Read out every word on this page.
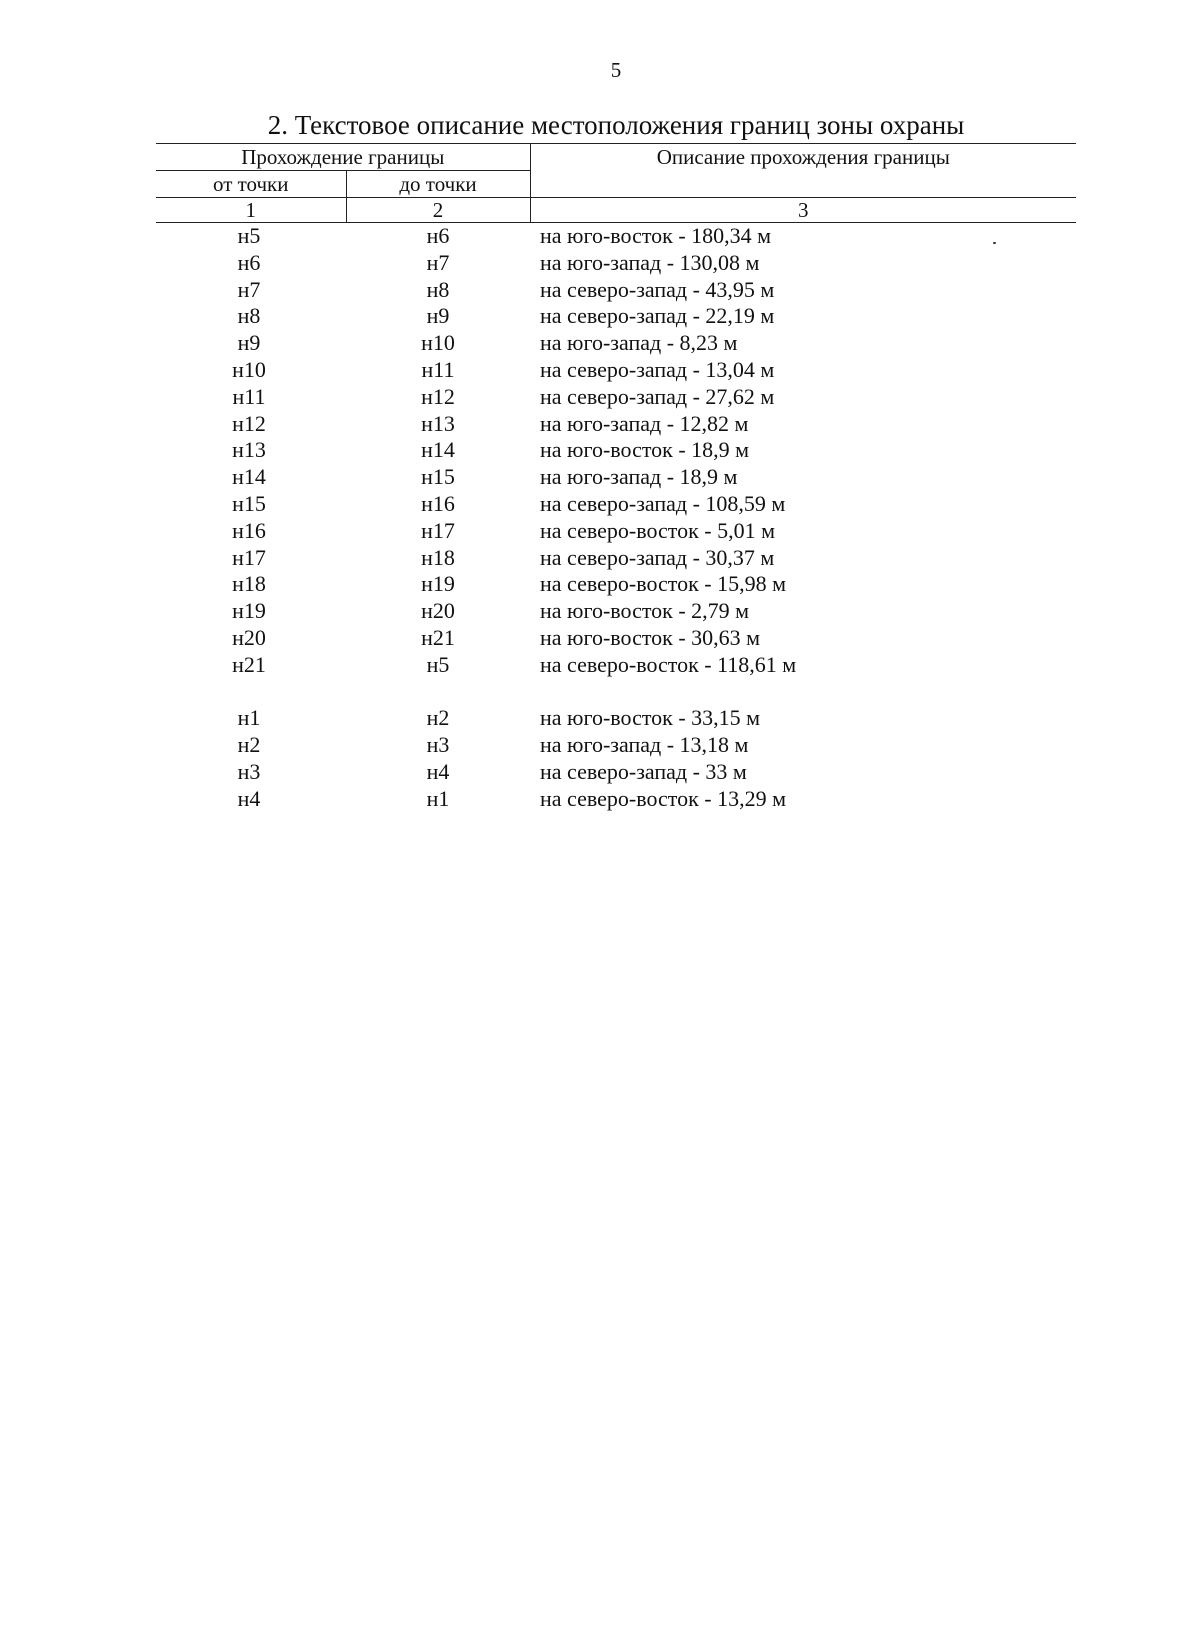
5
2. Текстовое описание местоположения границ зоны охраны
Прохождение границы		Описание прохождения границы
от точки	до точки	
1	2	3
н5	н6	на юго-восток - 180,34 м
н6	н7	на юго-запад - 130,08 м
н7	н8	на северо-запад - 43,95 м
н8	н9	на северо-запад - 22,19 м
н9	н10	на юго-запад - 8,23 м
н10	н11	на северо-запад - 13,04 м
н11	н12	на северо-запад - 27,62 м
н12	н13	на юго-запад - 12,82 м
н13	н14	на юго-восток - 18,9 м
н14	н15	на юго-запад - 18,9 м
н15	н16	на северо-запад - 108,59 м
н16	н17	на северо-восток - 5,01 м
н17	н18	на северо-запад - 30,37 м
н18	н19	на северо-восток - 15,98 м
н19	н20	на юго-восток - 2,79 м
н20	н21	на юго-восток - 30,63 м
н21	н5	на северо-восток - 118,61 м

н1	н2	на юго-восток - 33,15 м
н2	н3	на юго-запад - 13,18 м
н3	н4	на северо-запад - 33 м
н4	н1	на северо-восток - 13,29 м
